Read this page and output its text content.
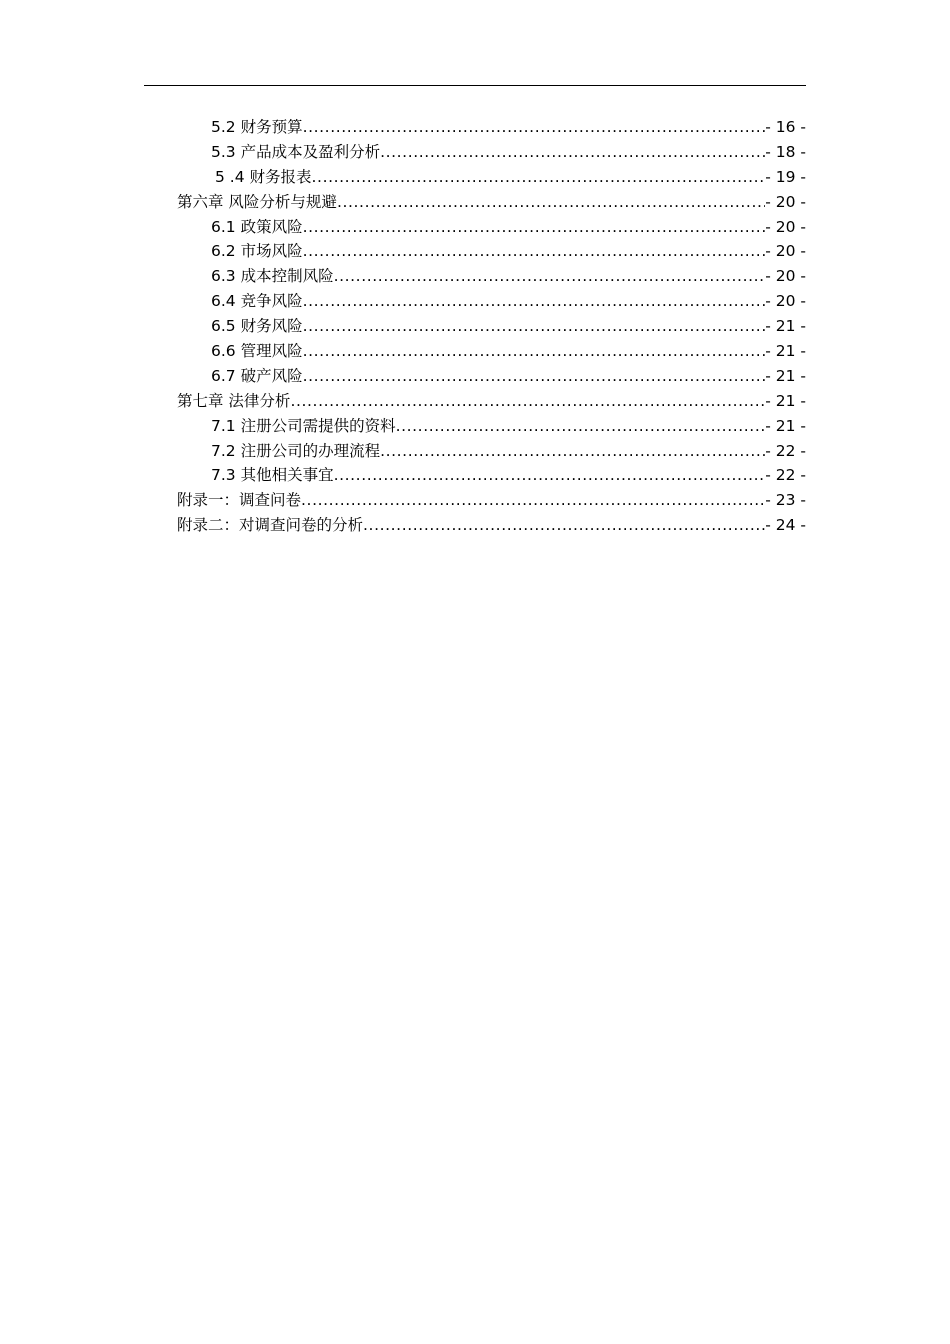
5.2 财务预算 .....	- 16 -
5.3 产品成本及盈利分析 .....	- 18 -
5 .4 财务报表 .....	- 19 -
第六章 风险分析与规避 .....	- 20 -
6.1 政策风险 .....	- 20 -
6.2 市场风险 .....	- 20 -
6.3 成本控制风险 .....	- 20 -
6.4 竞争风险 .....	- 20 -
6.5 财务风险 .....	- 21 -
6.6 管理风险 .....	- 21 -
6.7 破产风险 .....	- 21 -
第七章 法律分析 .....	- 21 -
7.1 注册公司需提供的资料 .....	- 21 -
7.2 注册公司的办理流程 .....	- 22 -
7.3 其他相关事宜 .....	- 22 -
附录一：调查问卷 .....	- 23 -
附录二：对调查问卷的分析 .....	- 24 -
